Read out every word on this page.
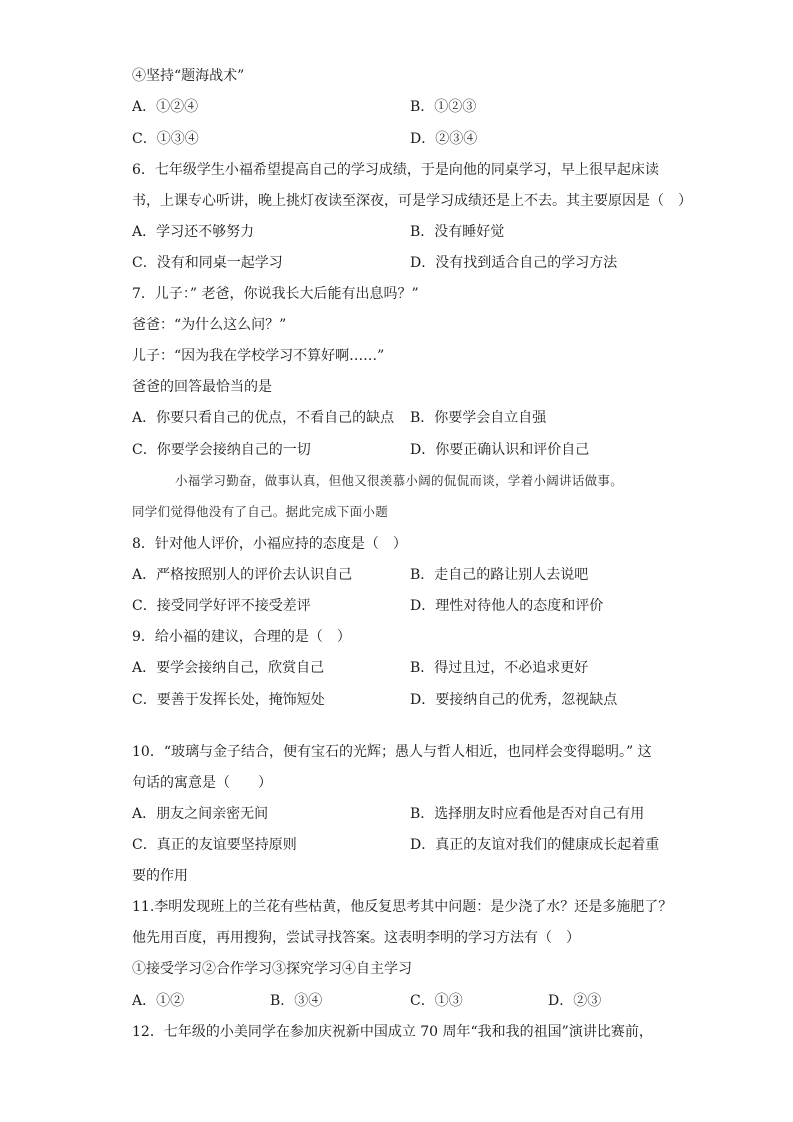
④坚持“题海战术”
A．①②④	B．①②③
C．①③④	D．②③④
6．七年级学生小福希望提高自己的学习成绩，于是向他的同桌学习，早上很早起床读
书，上课专心听讲，晚上挑灯夜读至深夜，可是学习成绩还是上不去。其主要原因是（　）
A．学习还不够努力	B．没有睡好觉
C．没有和同桌一起学习	D．没有找到适合自己的学习方法
7．儿子：” 老爸，你说我长大后能有出息吗？”
爸爸：“为什么这么问？”
儿子：“因为我在学校学习不算好啊……”
爸爸的回答最恰当的是
A．你要只看自己的优点，不看自己的缺点 B．你要学会自立自强
C．你要学会接纳自己的一切	D．你要正确认识和评价自己
小福学习勤奋，做事认真，但他又很羡慕小阔的侃侃而谈，学着小阔讲话做事。
同学们觉得他没有了自己。据此完成下面小题
8．针对他人评价，小福应持的态度是（　）
A．严格按照别人的评价去认识自己	B．走自己的路让别人去说吧
C．接受同学好评不接受差评	D．理性对待他人的态度和评价
9．给小福的建议，合理的是（　）
A．要学会接纳自己，欣赏自己	B．得过且过，不必追求更好
C．要善于发挥长处，掩饰短处	D．要接纳自己的优秀，忽视缺点
10．“玻璃与金子结合，便有宝石的光辉；愚人与哲人相近，也同样会变得聪明。” 这
句话的寓意是（　　）
A．朋友之间亲密无间	B．选择朋友时应看他是否对自己有用
C．真正的友谊要坚持原则	D．真正的友谊对我们的健康成长起着重
要的作用
11.李明发现班上的兰花有些枯黄，他反复思考其中问题：是少浇了水？还是多施肥了？
他先用百度，再用搜狗，尝试寻找答案。这表明李明的学习方法有（　）
①接受学习②合作学习③探究学习④自主学习
A．①②	B．③④	C．①③	D．②③
12．七年级的小美同学在参加庆祝新中国成立 70 周年“我和我的祖国”演讲比赛前，
